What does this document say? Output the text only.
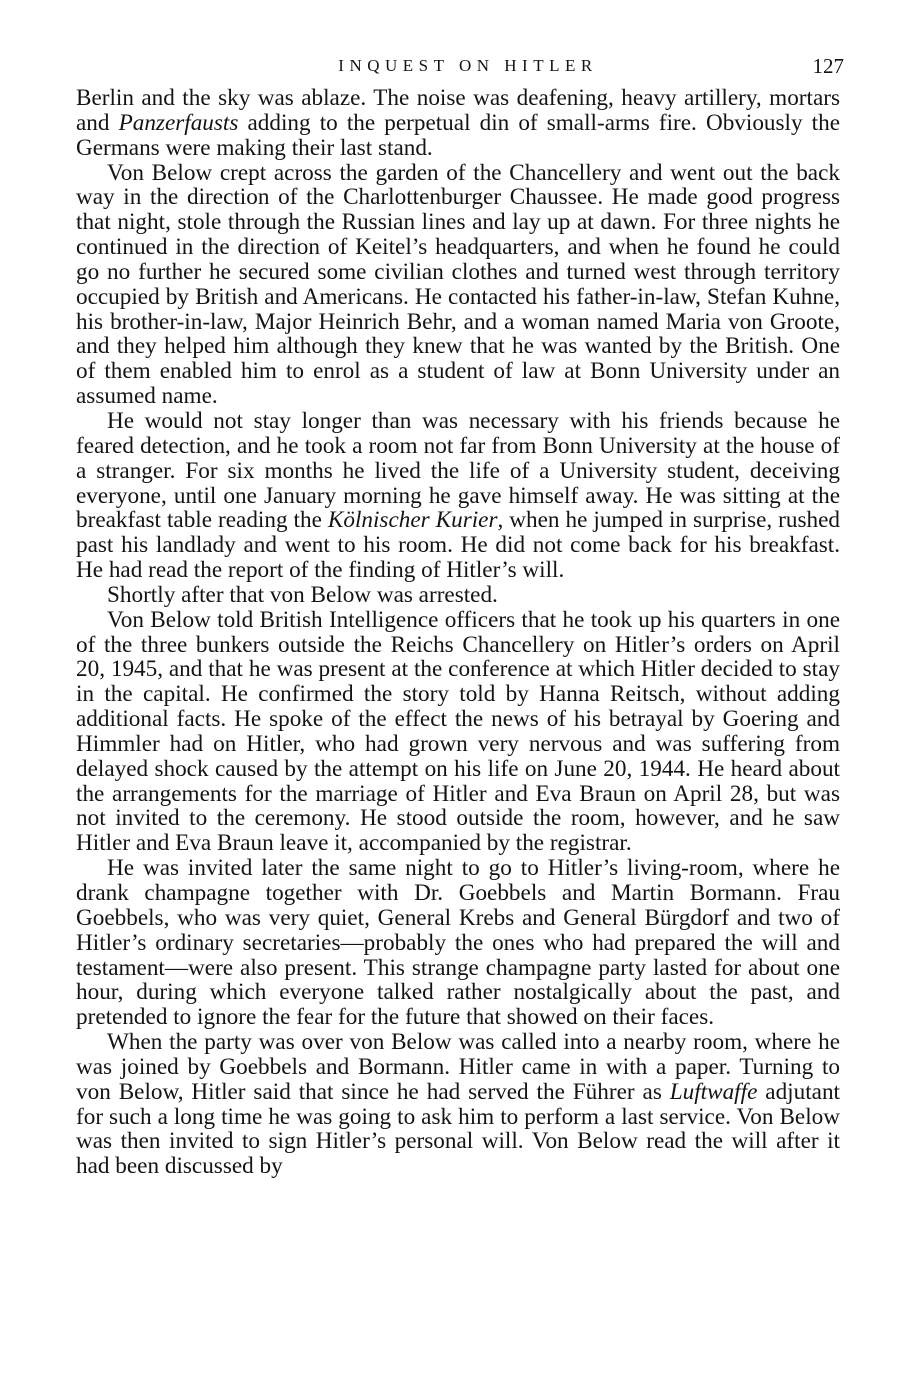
INQUEST ON HITLER	127

Berlin and the sky was ablaze. The noise was deafening, heavy artillery, mortars and Panzerfausts adding to the perpetual din of small-arms fire. Obviously the Germans were making their last stand.

Von Below crept across the garden of the Chancellery and went out the back way in the direction of the Charlottenburger Chaussee. He made good progress that night, stole through the Russian lines and lay up at dawn. For three nights he continued in the direction of Keitel’s headquarters, and when he found he could go no further he secured some civilian clothes and turned west through territory occupied by British and Americans. He contacted his father-in-law, Stefan Kuhne, his brother-in-law, Major Heinrich Behr, and a woman named Maria von Groote, and they helped him although they knew that he was wanted by the British. One of them enabled him to enrol as a student of law at Bonn University under an assumed name.

He would not stay longer than was necessary with his friends because he feared detection, and he took a room not far from Bonn University at the house of a stranger. For six months he lived the life of a University student, deceiving everyone, until one January morning he gave himself away. He was sitting at the breakfast table reading the Kölnischer Kurier, when he jumped in surprise, rushed past his landlady and went to his room. He did not come back for his breakfast. He had read the report of the finding of Hitler’s will.

Shortly after that von Below was arrested.

Von Below told British Intelligence officers that he took up his quarters in one of the three bunkers outside the Reichs Chancellery on Hitler’s orders on April 20, 1945, and that he was present at the conference at which Hitler decided to stay in the capital. He confirmed the story told by Hanna Reitsch, without adding additional facts. He spoke of the effect the news of his betrayal by Goering and Himmler had on Hitler, who had grown very nervous and was suffering from delayed shock caused by the attempt on his life on June 20, 1944. He heard about the arrangements for the marriage of Hitler and Eva Braun on April 28, but was not invited to the ceremony. He stood outside the room, however, and he saw Hitler and Eva Braun leave it, accompanied by the registrar.

He was invited later the same night to go to Hitler’s living-room, where he drank champagne together with Dr. Goebbels and Martin Bormann. Frau Goebbels, who was very quiet, General Krebs and General Bürgdorf and two of Hitler’s ordinary secretaries—probably the ones who had prepared the will and testament—were also present. This strange champagne party lasted for about one hour, during which everyone talked rather nostalgically about the past, and pretended to ignore the fear for the future that showed on their faces.

When the party was over von Below was called into a nearby room, where he was joined by Goebbels and Bormann. Hitler came in with a paper. Turning to von Below, Hitler said that since he had served the Führer as Luftwaffe adjutant for such a long time he was going to ask him to perform a last service. Von Below was then invited to sign Hitler’s personal will. Von Below read the will after it had been discussed by
